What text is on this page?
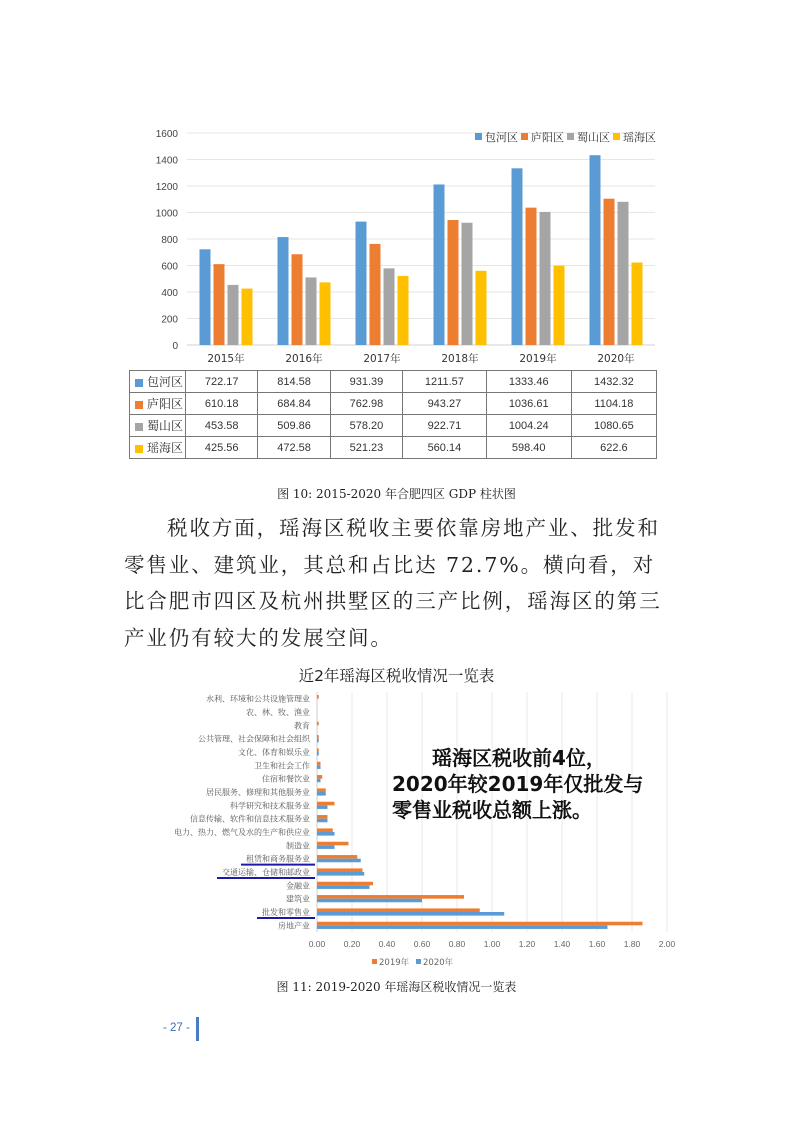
0
200
400
600
800
1000
1200
1400
1600
2015年	2016年	2017年	2018年	2019年	2020年
包河区 庐阳区 蜀山区 瑶海区
包河区	722.17	814.58	931.39	1211.57	1333.46	1432.32
庐阳区	610.18	684.84	762.98	943.27	1036.61	1104.18
蜀山区	453.58	509.86	578.20	922.71	1004.24	1080.65
瑶海区	425.56	472.58	521.23	560.14	598.40	622.6
图 10: 2015-2020 年合肥四区 GDP 柱状图

税收方面，瑶海区税收主要依靠房地产业、批发和零售业、建筑业，其总和占比达 72.7%。横向看，对比合肥市四区及杭州拱墅区的三产比例，瑶海区的第三产业仍有较大的发展空间。

近2年瑶海区税收情况一览表
0.00 0.20 0.40 0.60 0.80 1.00 1.20 1.40 1.60 1.80 2.00
房地产业
批发和零售业
建筑业
金融业
交通运输、仓储和邮政业
租赁和商务服务业
制造业
电力、热力、燃气及水的生产和供应业
信息传输、软件和信息技术服务业
科学研究和技术服务业
居民服务、修理和其他服务业
住宿和餐饮业
卫生和社会工作
文化、体育和娱乐业
公共管理、社会保障和社会组织
教育
农、林、牧、渔业
水利、环境和公共设施管理业
2019年 2020年
瑶海区税收前4位，
2020年较2019年仅批发与
零售业税收总额上涨。
图 11: 2019-2020 年瑶海区税收情况一览表
- 27 -
